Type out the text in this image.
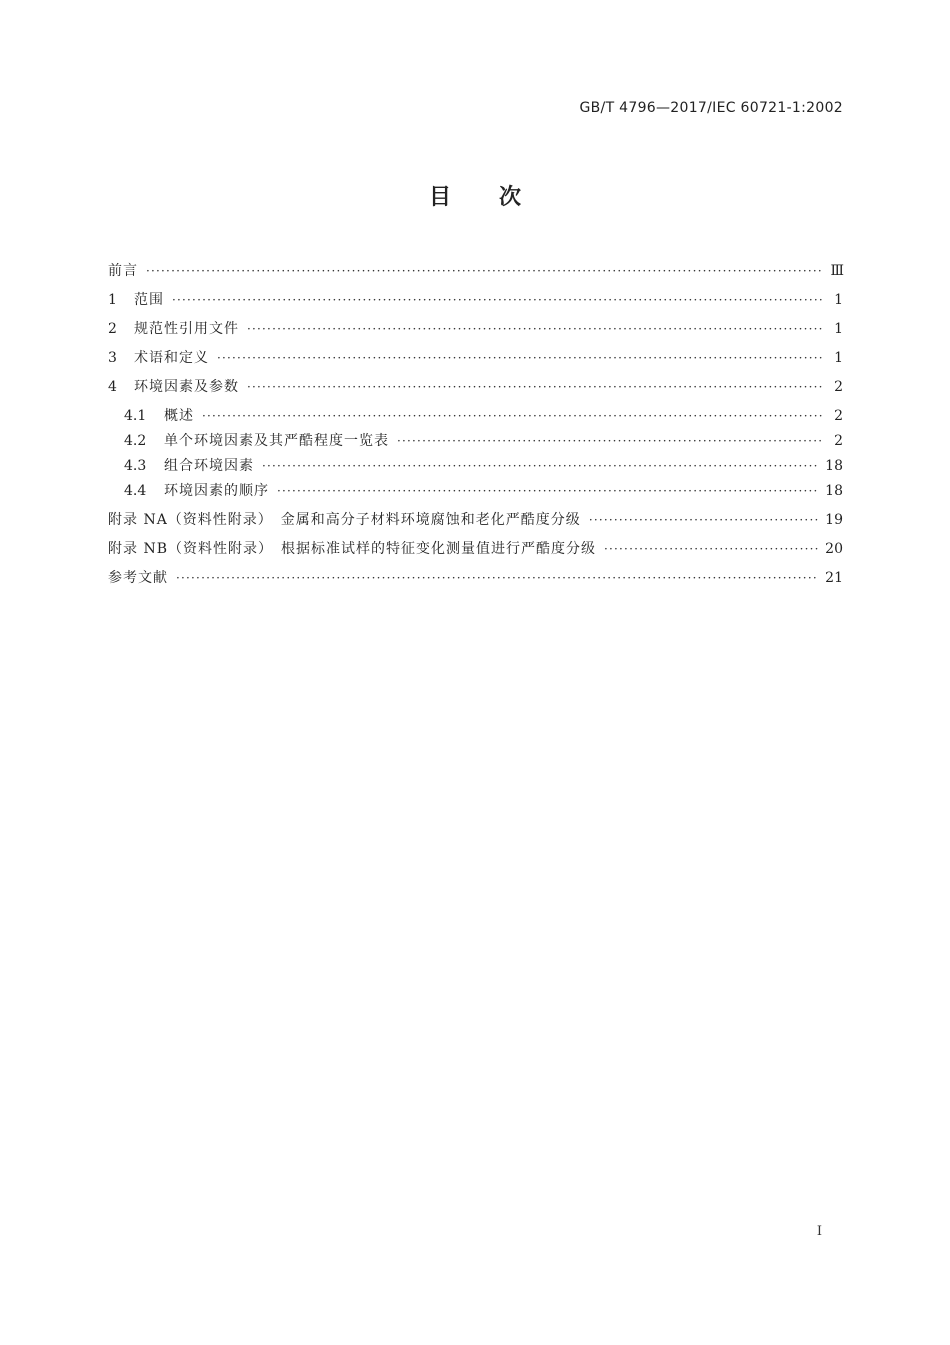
GB/T 4796—2017/IEC 60721-1:2002
目次
前言 ·····	Ⅲ
1	范围 ·····	1
2	规范性引用文件 ·····	1
3	术语和定义 ·····	1
4	环境因素及参数 ·····	2
4.1	概述 ·····	2
4.2	单个环境因素及其严酷程度一览表 ·····	2
4.3	组合环境因素 ·····	18
4.4	环境因素的顺序 ·····	18
附录 NA（资料性附录）　金属和高分子材料环境腐蚀和老化严酷度分级 ·····	19
附录 NB（资料性附录）　根据标准试样的特征变化测量值进行严酷度分级 ·····	20
参考文献 ·····	21
Ⅰ
